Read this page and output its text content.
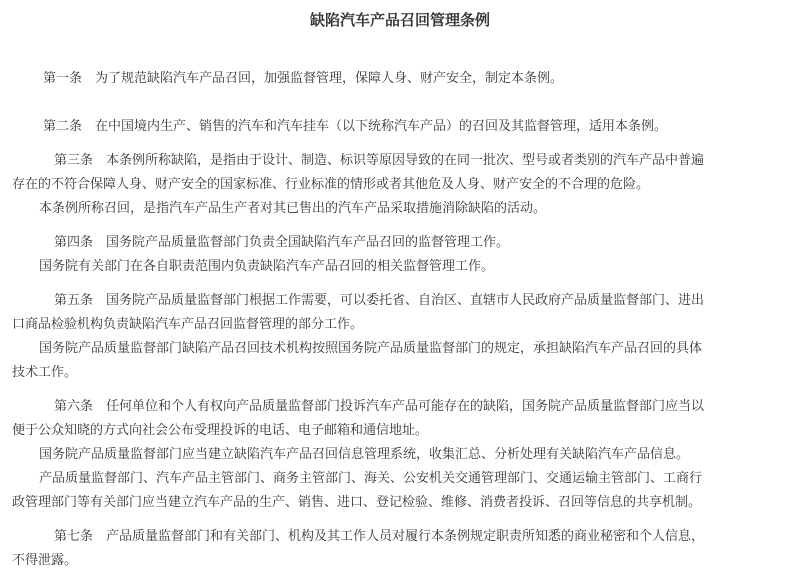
缺陷汽车产品召回管理条例
第一条　为了规范缺陷汽车产品召回，加强监督管理，保障人身、财产安全，制定本条例。
第二条　在中国境内生产、销售的汽车和汽车挂车（以下统称汽车产品）的召回及其监督管理，适用本条例。
第三条　本条例所称缺陷，是指由于设计、制造、标识等原因导致的在同一批次、型号或者类别的汽车产品中普遍
存在的不符合保障人身、财产安全的国家标准、行业标准的情形或者其他危及人身、财产安全的不合理的危险。
本条例所称召回，是指汽车产品生产者对其已售出的汽车产品采取措施消除缺陷的活动。
第四条　国务院产品质量监督部门负责全国缺陷汽车产品召回的监督管理工作。
国务院有关部门在各自职责范围内负责缺陷汽车产品召回的相关监督管理工作。
第五条　国务院产品质量监督部门根据工作需要，可以委托省、自治区、直辖市人民政府产品质量监督部门、进出
口商品检验机构负责缺陷汽车产品召回监督管理的部分工作。
国务院产品质量监督部门缺陷产品召回技术机构按照国务院产品质量监督部门的规定，承担缺陷汽车产品召回的具体
技术工作。
第六条　任何单位和个人有权向产品质量监督部门投诉汽车产品可能存在的缺陷，国务院产品质量监督部门应当以
便于公众知晓的方式向社会公布受理投诉的电话、电子邮箱和通信地址。
国务院产品质量监督部门应当建立缺陷汽车产品召回信息管理系统，收集汇总、分析处理有关缺陷汽车产品信息。
产品质量监督部门、汽车产品主管部门、商务主管部门、海关、公安机关交通管理部门、交通运输主管部门、工商行
政管理部门等有关部门应当建立汽车产品的生产、销售、进口、登记检验、维修、消费者投诉、召回等信息的共享机制。
第七条　产品质量监督部门和有关部门、机构及其工作人员对履行本条例规定职责所知悉的商业秘密和个人信息，
不得泄露。
